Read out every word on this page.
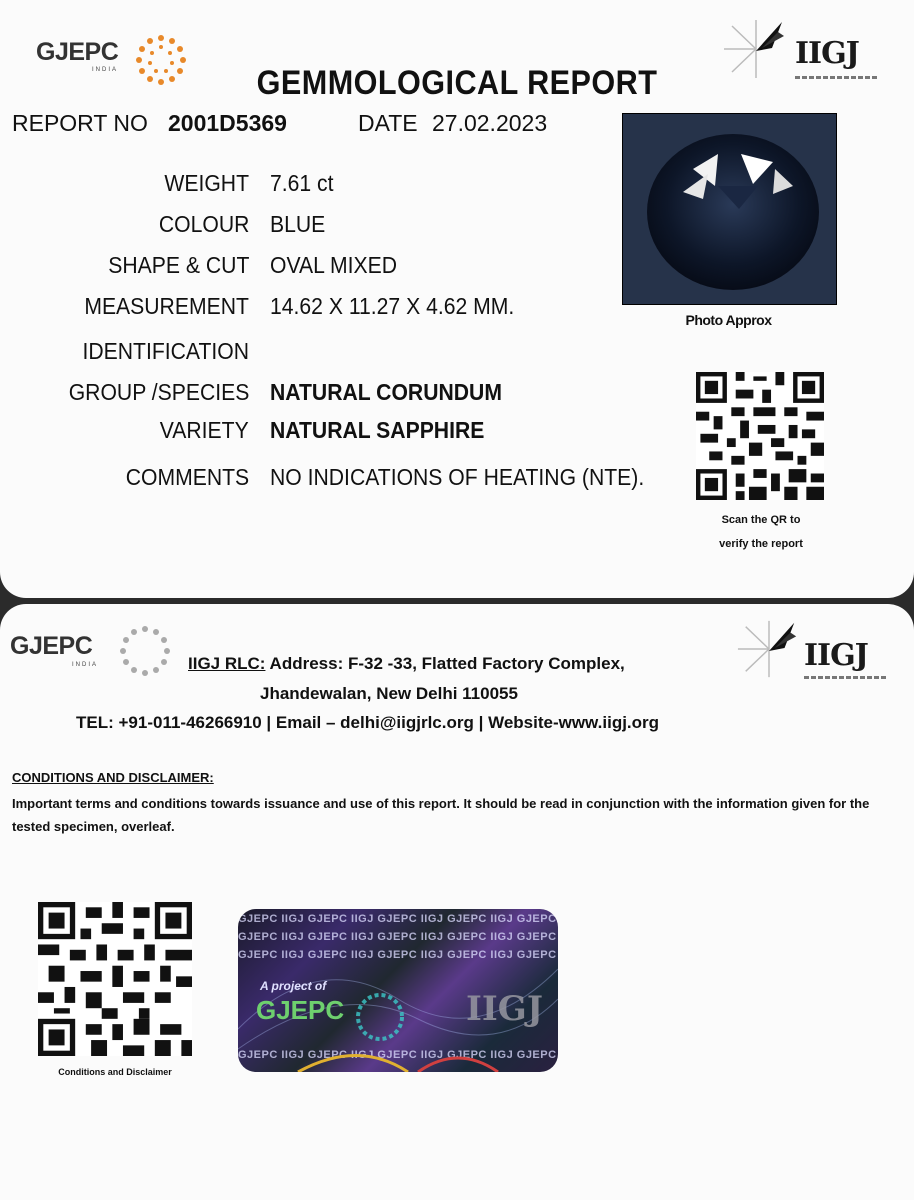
GJEPC
INDIA	IIGJ
GEMMOLOGICAL REPORT
REPORT NO 2001D5369	DATE 27.02.2023
WEIGHT 7.61 ct
COLOUR BLUE
SHAPE & CUT OVAL MIXED
MEASUREMENT 14.62 X 11.27 X 4.62 MM.
IDENTIFICATION
GROUP /SPECIES NATURAL CORUNDUM
VARIETY NATURAL SAPPHIRE
COMMENTS NO INDICATIONS OF HEATING (NTE).
Photo Approx
Scan the QR to
verify the report
GJEPC
INDIA	IIGJ
IIGJ RLC: Address: F-32 -33, Flatted Factory Complex,
Jhandewalan, New Delhi 110055
TEL: +91-011-46266910 | Email – delhi@iigjrlc.org | Website-www.iigj.org
CONDITIONS AND DISCLAIMER:
Important terms and conditions towards issuance and use of this report. It should be read in conjunction with the information given for the tested specimen, overleaf.
Conditions and Disclaimer
GJEPC IIGJ GJEPC IIGJ GJEPC IIGJ GJEPC IIGJ GJEPC
GJEPC IIGJ GJEPC IIGJ GJEPC IIGJ GJEPC IIGJ GJEPC
GJEPC IIGJ GJEPC IIGJ GJEPC IIGJ GJEPC IIGJ GJEPC
GJEPC IIGJ GJEPC IIGJ GJEPC IIGJ GJEPC IIGJ GJEPC
A project of
GJEPC	IIGJ
